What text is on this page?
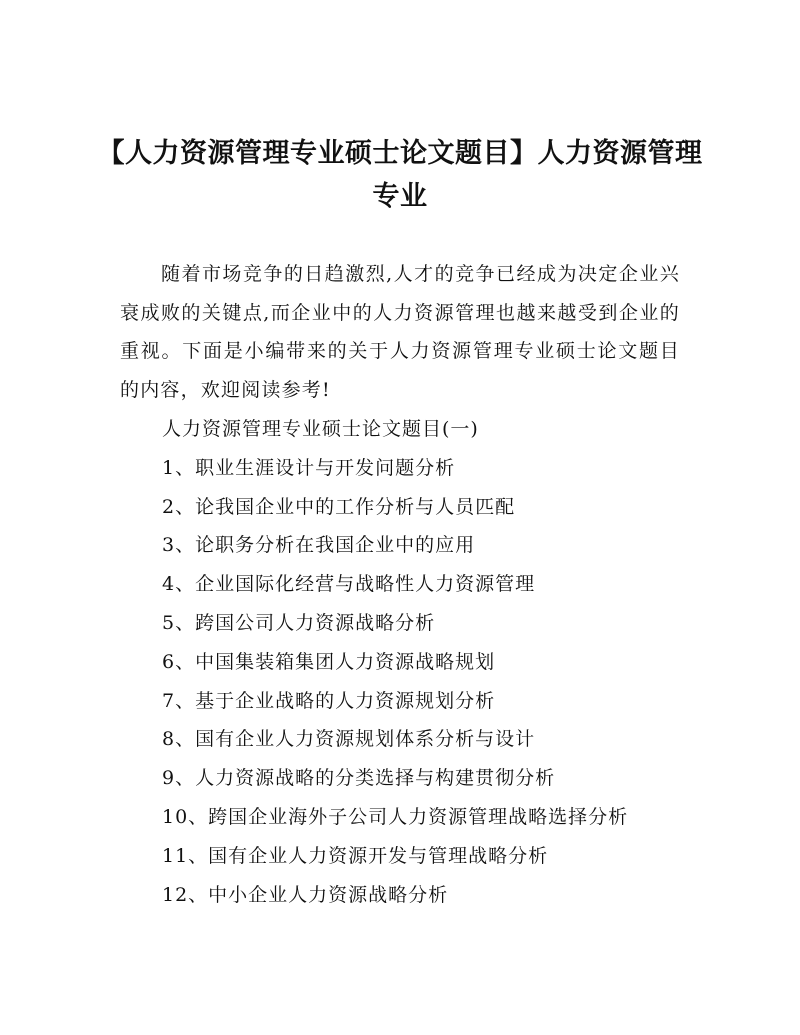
【人力资源管理专业硕士论文题目】人力资源管理专业

随着市场竞争的日趋激烈,人才的竞争已经成为决定企业兴衰成败的关键点,而企业中的人力资源管理也越来越受到企业的重视。下面是小编带来的关于人力资源管理专业硕士论文题目的内容，欢迎阅读参考!

人力资源管理专业硕士论文题目(一)
1、职业生涯设计与开发问题分析
2、论我国企业中的工作分析与人员匹配
3、论职务分析在我国企业中的应用
4、企业国际化经营与战略性人力资源管理
5、跨国公司人力资源战略分析
6、中国集装箱集团人力资源战略规划
7、基于企业战略的人力资源规划分析
8、国有企业人力资源规划体系分析与设计
9、人力资源战略的分类选择与构建贯彻分析
10、跨国企业海外子公司人力资源管理战略选择分析
11、国有企业人力资源开发与管理战略分析
12、中小企业人力资源战略分析
